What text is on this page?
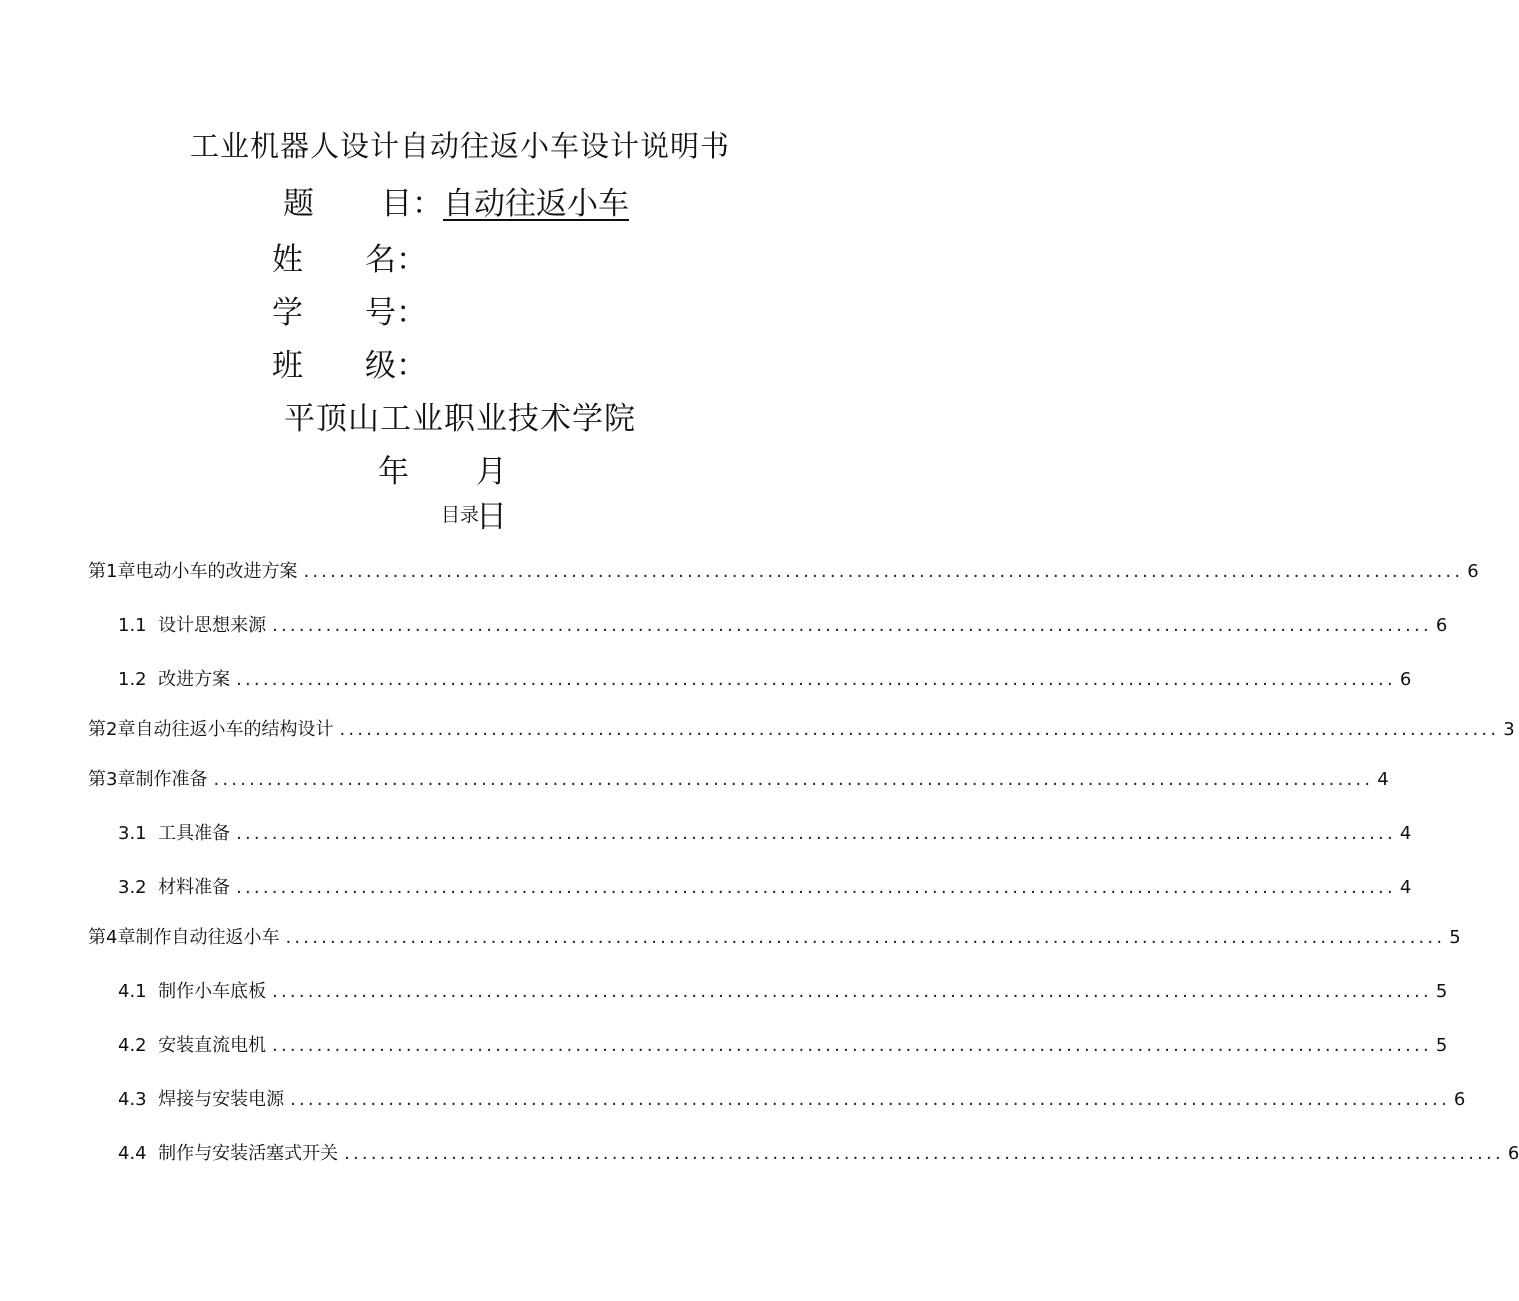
工业机器人设计自动往返小车设计说明书
题 目： 自动往返小车
姓 名：
学 号：
班 级：
平顶山工业职业技术学院
年 月日
目录
第1章 电动小车的改进方案 .................................................................................................................................. 6
1.1 设计思想来源 .................................................................................................................................. 6
1.2 改进方案 .................................................................................................................................. 6
第2章 自动往返小车的结构设计 .................................................................................................................................. 3
第3章 制作准备 .................................................................................................................................. 4
3.1 工具准备 .................................................................................................................................. 4
3.2 材料准备 .................................................................................................................................. 4
第4章 制作自动往返小车 .................................................................................................................................. 5
4.1 制作小车底板 .................................................................................................................................. 5
4.2 安装直流电机 .................................................................................................................................. 5
4.3 焊接与安装电源 .................................................................................................................................. 6
4.4 制作与安装活塞式开关 .................................................................................................................................. 6
